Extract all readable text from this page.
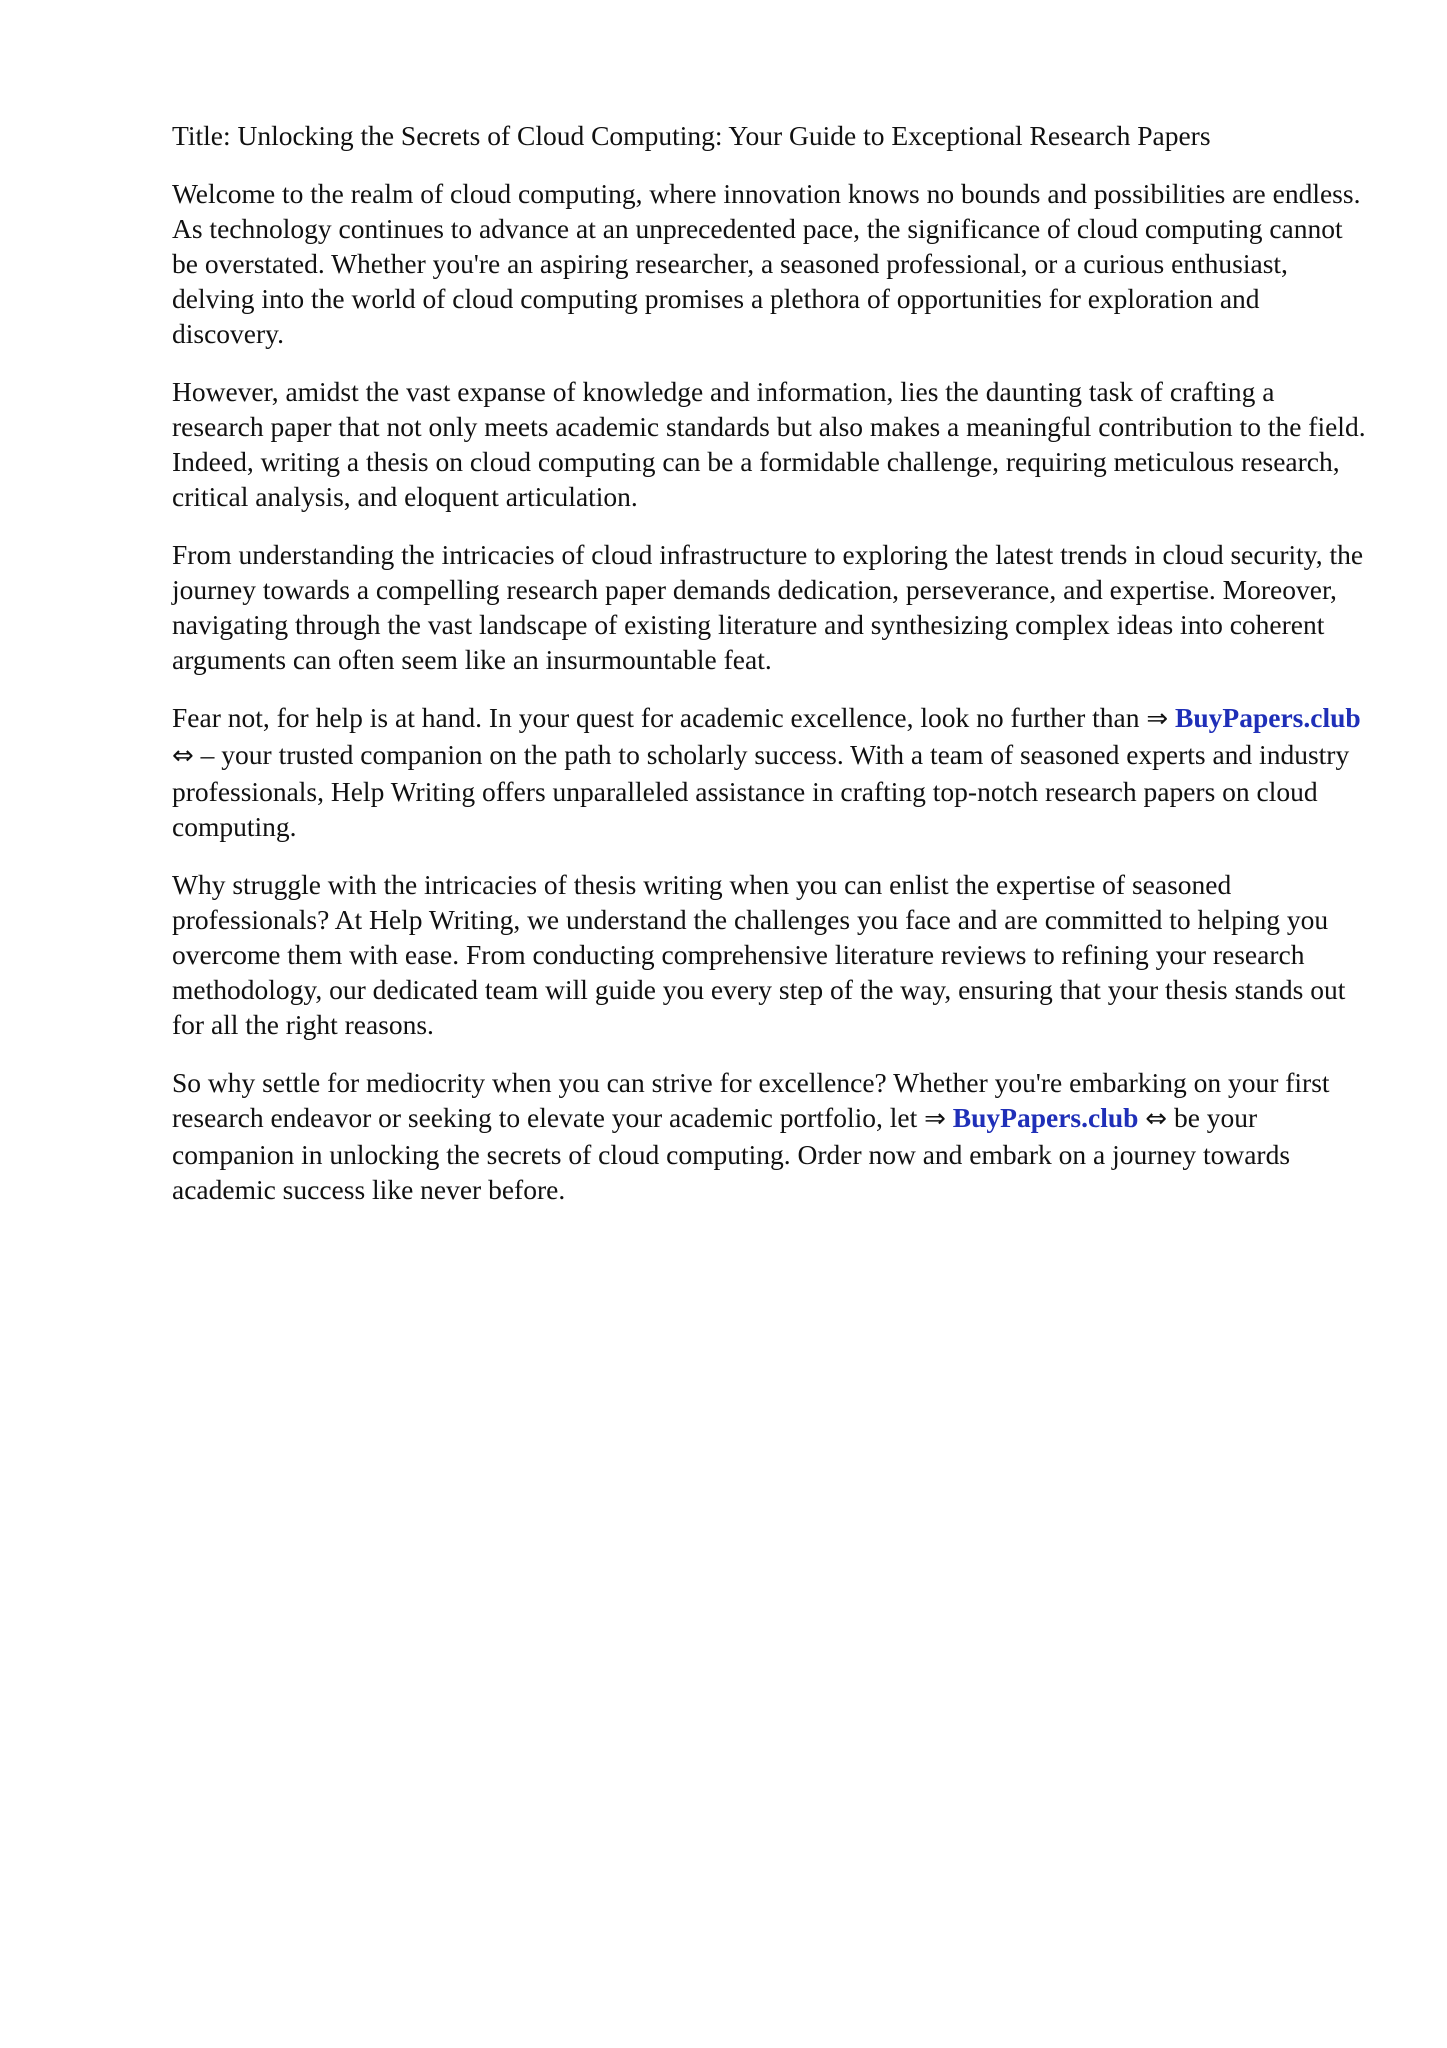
Title: Unlocking the Secrets of Cloud Computing: Your Guide to Exceptional Research Papers

Welcome to the realm of cloud computing, where innovation knows no bounds and possibilities are endless. As technology continues to advance at an unprecedented pace, the significance of cloud computing cannot be overstated. Whether you're an aspiring researcher, a seasoned professional, or a curious enthusiast, delving into the world of cloud computing promises a plethora of opportunities for exploration and discovery.

However, amidst the vast expanse of knowledge and information, lies the daunting task of crafting a research paper that not only meets academic standards but also makes a meaningful contribution to the field. Indeed, writing a thesis on cloud computing can be a formidable challenge, requiring meticulous research, critical analysis, and eloquent articulation.

From understanding the intricacies of cloud infrastructure to exploring the latest trends in cloud security, the journey towards a compelling research paper demands dedication, perseverance, and expertise. Moreover, navigating through the vast landscape of existing literature and synthesizing complex ideas into coherent arguments can often seem like an insurmountable feat.

Fear not, for help is at hand. In your quest for academic excellence, look no further than ⇒ BuyPapers.club ⇔ – your trusted companion on the path to scholarly success. With a team of seasoned experts and industry professionals, Help Writing offers unparalleled assistance in crafting top-notch research papers on cloud computing.

Why struggle with the intricacies of thesis writing when you can enlist the expertise of seasoned professionals? At Help Writing, we understand the challenges you face and are committed to helping you overcome them with ease. From conducting comprehensive literature reviews to refining your research methodology, our dedicated team will guide you every step of the way, ensuring that your thesis stands out for all the right reasons.

So why settle for mediocrity when you can strive for excellence? Whether you're embarking on your first research endeavor or seeking to elevate your academic portfolio, let ⇒ BuyPapers.club ⇔ be your companion in unlocking the secrets of cloud computing. Order now and embark on a journey towards academic success like never before.
